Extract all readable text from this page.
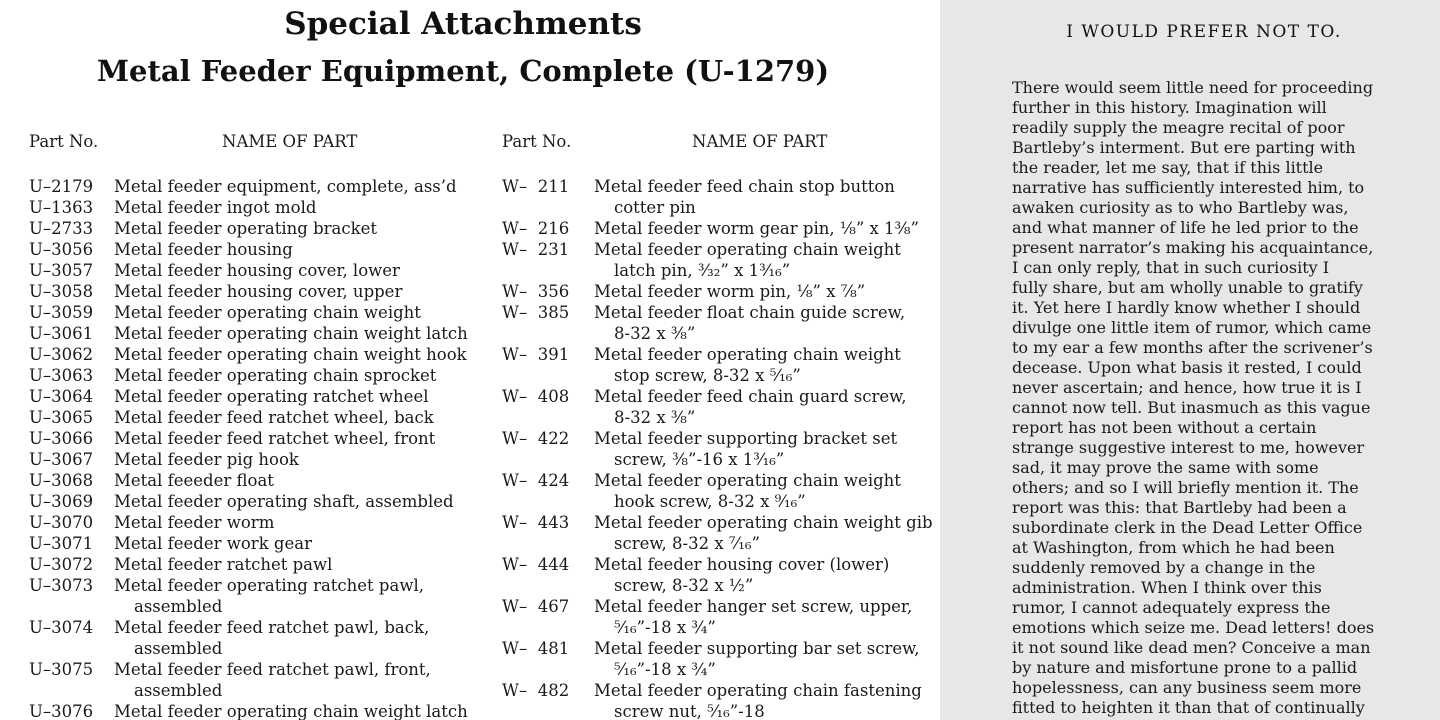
Special Attachments
Metal Feeder Equipment, Complete (U-1279)
Part No.	NAME OF PART	Part No.	NAME OF PART
U–2179 Metal feeder equipment, complete, ass’d
U–1363 Metal feeder ingot mold
U–2733 Metal feeder operating bracket
U–3056 Metal feeder housing
U–3057 Metal feeder housing cover, lower
U–3058 Metal feeder housing cover, upper
U–3059 Metal feeder operating chain weight
U–3061 Metal feeder operating chain weight latch
U–3062 Metal feeder operating chain weight hook
U–3063 Metal feeder operating chain sprocket
U–3064 Metal feeder operating ratchet wheel
U–3065 Metal feeder feed ratchet wheel, back
U–3066 Metal feeder feed ratchet wheel, front
U–3067 Metal feeder pig hook
U–3068 Metal feeeder float
U–3069 Metal feeder operating shaft, assembled
U–3070 Metal feeder worm
U–3071 Metal feeder work gear
U–3072 Metal feeder ratchet pawl
U–3073 Metal feeder operating ratchet pawl,
assembled
U–3074 Metal feeder feed ratchet pawl, back,
assembled
U–3075 Metal feeder feed ratchet pawl, front,
assembled
U–3076 Metal feeder operating chain weight latch
W–  211 Metal feeder feed chain stop button
cotter pin
W–  216 Metal feeder worm gear pin, ⅛” x 1⅜”
W–  231 Metal feeder operating chain weight
latch pin, ³⁄₃₂” x 1³⁄₁₆”
W–  356 Metal feeder worm pin, ⅛” x ⅞”
W–  385 Metal feeder float chain guide screw,
8-32 x ⅜”
W–  391 Metal feeder operating chain weight
stop screw, 8-32 x ⁵⁄₁₆”
W–  408 Metal feeder feed chain guard screw,
8-32 x ⅜”
W–  422 Metal feeder supporting bracket set
screw, ⅜”-16 x 1³⁄₁₆”
W–  424 Metal feeder operating chain weight
hook screw, 8-32 x ⁹⁄₁₆”
W–  443 Metal feeder operating chain weight gib
screw, 8-32 x ⁷⁄₁₆”
W–  444 Metal feeder housing cover (lower)
screw, 8-32 x ½”
W–  467 Metal feeder hanger set screw, upper,
⁵⁄₁₆”-18 x ¾”
W–  481 Metal feeder supporting bar set screw,
⁵⁄₁₆”-18 x ¾”
W–  482 Metal feeder operating chain fastening
screw nut, ⁵⁄₁₆”-18
I WOULD PREFER NOT TO.

There would seem little need for proceeding
further in this history. Imagination will
readily supply the meagre recital of poor
Bartleby’s interment. But ere parting with
the reader, let me say, that if this little
narrative has sufficiently interested him, to
awaken curiosity as to who Bartleby was,
and what manner of life he led prior to the
present narrator’s making his acquaintance,
I can only reply, that in such curiosity I
fully share, but am wholly unable to gratify
it. Yet here I hardly know whether I should
divulge one little item of rumor, which came
to my ear a few months after the scrivener’s
decease. Upon what basis it rested, I could
never ascertain; and hence, how true it is I
cannot now tell. But inasmuch as this vague
report has not been without a certain
strange suggestive interest to me, however
sad, it may prove the same with some
others; and so I will briefly mention it. The
report was this: that Bartleby had been a
subordinate clerk in the Dead Letter Office
at Washington, from which he had been
suddenly removed by a change in the
administration. When I think over this
rumor, I cannot adequately express the
emotions which seize me. Dead letters! does
it not sound like dead men? Conceive a man
by nature and misfortune prone to a pallid
hopelessness, can any business seem more
fitted to heighten it than that of continually
